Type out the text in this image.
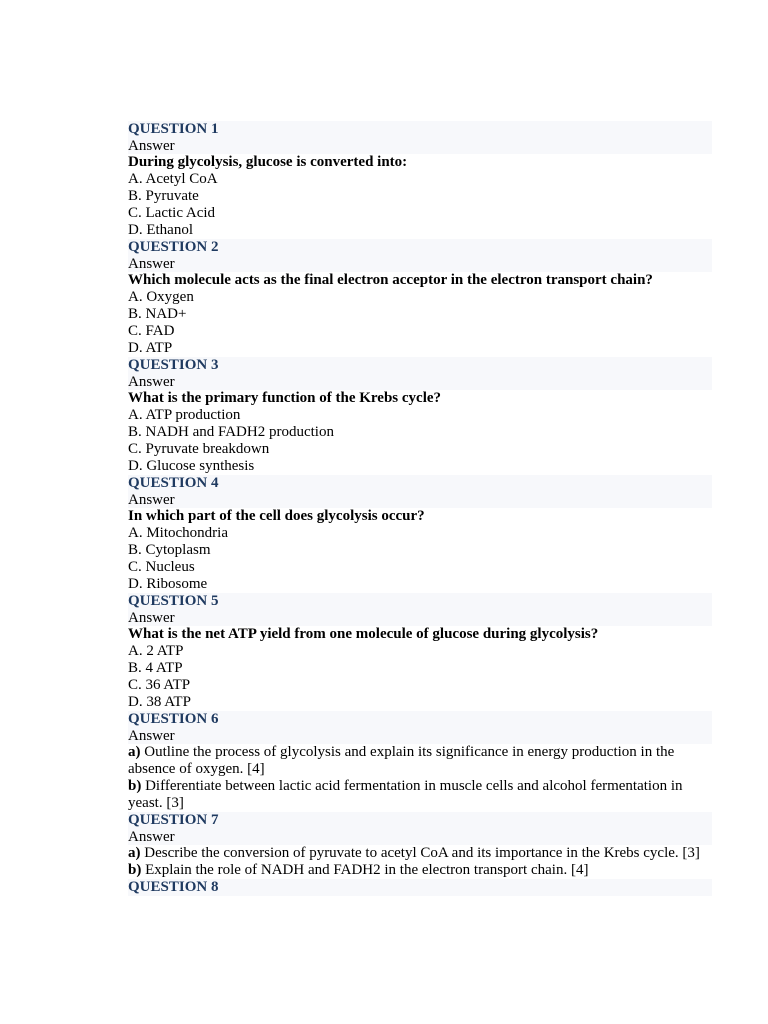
QUESTION 1
Answer
During glycolysis, glucose is converted into:
A. Acetyl CoA
B. Pyruvate
C. Lactic Acid
D. Ethanol
QUESTION 2
Answer
Which molecule acts as the final electron acceptor in the electron transport chain?
A. Oxygen
B. NAD+
C. FAD
D. ATP
QUESTION 3
Answer
What is the primary function of the Krebs cycle?
A. ATP production
B. NADH and FADH2 production
C. Pyruvate breakdown
D. Glucose synthesis
QUESTION 4
Answer
In which part of the cell does glycolysis occur?
A. Mitochondria
B. Cytoplasm
C. Nucleus
D. Ribosome
QUESTION 5
Answer
What is the net ATP yield from one molecule of glucose during glycolysis?
A. 2 ATP
B. 4 ATP
C. 36 ATP
D. 38 ATP
QUESTION 6
Answer
a) Outline the process of glycolysis and explain its significance in energy production in the absence of oxygen. [4]
b) Differentiate between lactic acid fermentation in muscle cells and alcohol fermentation in yeast. [3]
QUESTION 7
Answer
a) Describe the conversion of pyruvate to acetyl CoA and its importance in the Krebs cycle. [3]
b) Explain the role of NADH and FADH2 in the electron transport chain. [4]
QUESTION 8
